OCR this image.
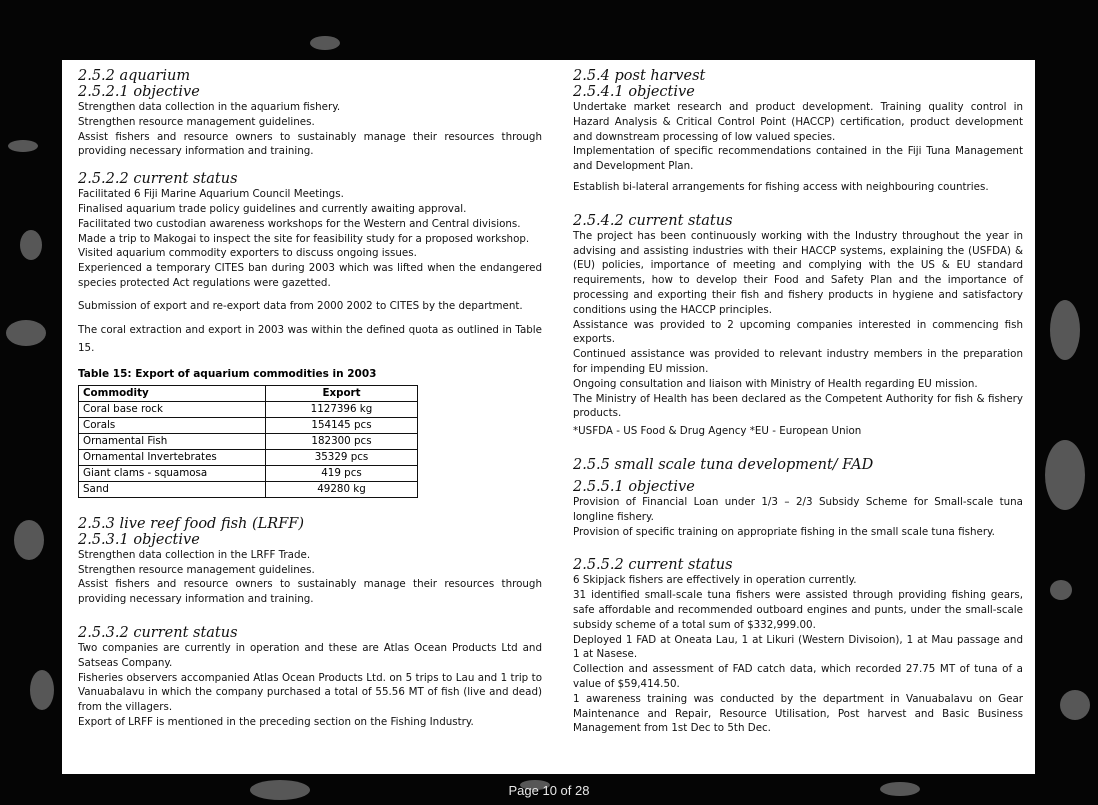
2.5.2 aquarium

2.5.2.1 objective

Strengthen data collection in the aquarium fishery.

Strengthen resource management guidelines.

Assist fishers and resource owners to sustainably manage their resources through providing necessary information and training.

2.5.2.2 current status

Facilitated 6 Fiji Marine Aquarium Council Meetings.

Finalised aquarium trade policy guidelines and currently awaiting approval.

Facilitated two custodian awareness workshops for the Western and Central divisions.

Made a trip to Makogai to inspect the site for feasibility study for a proposed workshop.

Visited aquarium commodity exporters to discuss ongoing issues.

Experienced a temporary CITES ban during 2003 which was lifted when the endangered species protected Act regulations were gazetted.

Submission of export and re-export data from 2000 2002 to CITES by the department.

The coral extraction and export in 2003 was within the defined quota as outlined in Table 15.

Table 15: Export of aquarium commodities in 2003

Commodity	Export
Coral base rock	1127396 kg
Corals	154145 pcs
Ornamental Fish	182300 pcs
Ornamental Invertebrates	35329 pcs
Giant clams - squamosa	419 pcs
Sand	49280 kg

2.5.3 live reef food fish (LRFF)

2.5.3.1 objective

Strengthen data collection in the LRFF Trade.

Strengthen resource management guidelines.

Assist fishers and resource owners to sustainably manage their resources through providing necessary information and training.

2.5.3.2 current status

Two companies are currently in operation and these are Atlas Ocean Products Ltd and Satseas Company.

Fisheries observers accompanied Atlas Ocean Products Ltd. on 5 trips to Lau and 1 trip to Vanuabalavu in which the company purchased a total of 55.56 MT of fish (live and dead) from the villagers.

Export of LRFF is mentioned in the preceding section on the Fishing Industry.

2.5.4 post harvest

2.5.4.1 objective

Undertake market research and product development. Training quality control in Hazard Analysis & Critical Control Point (HACCP) certification, product development and downstream processing of low valued species.

Implementation of specific recommendations contained in the Fiji Tuna Management and Development Plan.

Establish bi-lateral arrangements for fishing access with neighbouring countries.

2.5.4.2 current status

The project has been continuously working with the Industry throughout the year in advising and assisting industries with their HACCP systems, explaining the (USFDA) & (EU) policies, importance of meeting and complying with the US & EU standard requirements, how to develop their Food and Safety Plan and the importance of processing and exporting their fish and fishery products in hygiene and satisfactory conditions using the HACCP principles.

Assistance was provided to 2 upcoming companies interested in commencing fish exports.

Continued assistance was provided to relevant industry members in the preparation for impending EU mission.

Ongoing consultation and liaison with Ministry of Health regarding EU mission.

The Ministry of Health has been declared as the Competent Authority for fish & fishery products.

*USFDA - US Food & Drug Agency *EU - European Union

2.5.5 small scale tuna development/ FAD

2.5.5.1 objective

Provision of Financial Loan under 1/3 – 2/3 Subsidy Scheme for Small-scale tuna longline fishery.

Provision of specific training on appropriate fishing in the small scale tuna fishery.

2.5.5.2 current status

6 Skipjack fishers are effectively in operation currently.

31 identified small-scale tuna fishers were assisted through providing fishing gears, safe affordable and recommended outboard engines and punts, under the small-scale subsidy scheme of a total sum of $332,999.00.

Deployed 1 FAD at Oneata Lau, 1 at Likuri (Western Divisoion), 1 at Mau passage and 1 at Nasese.

Collection and assessment of FAD catch data, which recorded 27.75 MT of tuna of a value of $59,414.50.

1 awareness training was conducted by the department in Vanuabalavu on Gear Maintenance and Repair, Resource Utilisation, Post harvest and Basic Business Management from 1st Dec to 5th Dec.

Page 10 of 28
